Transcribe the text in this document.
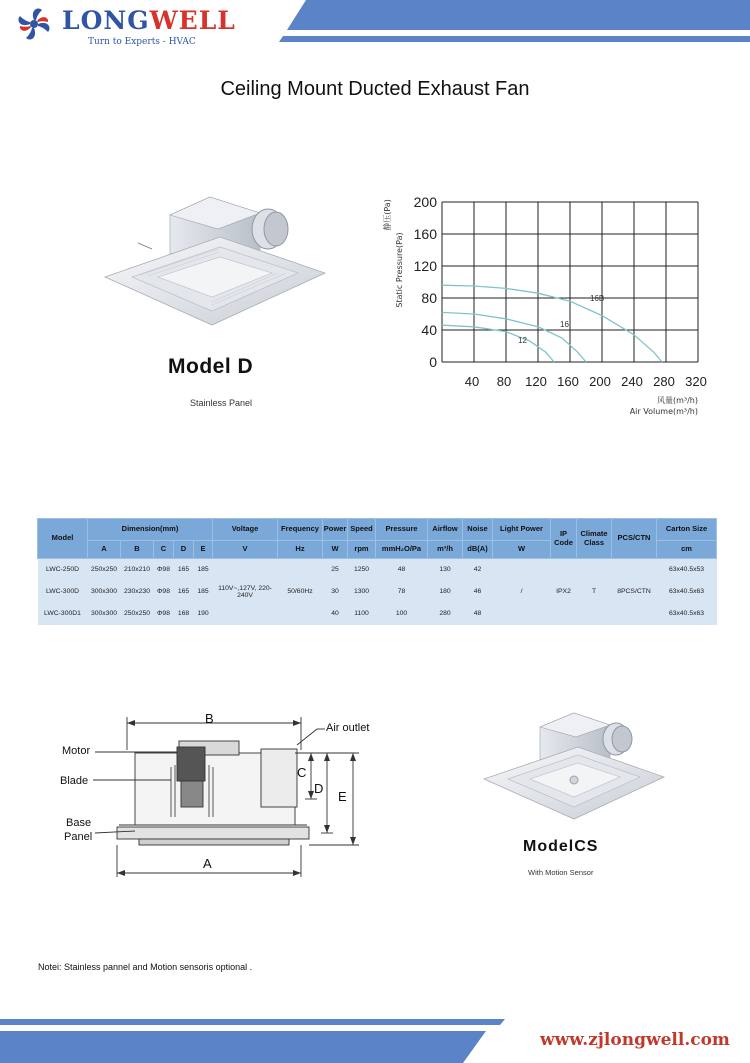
LONGWELL
Turn to Experts - HVAC
Ceiling Mount Ducted Exhaust Fan
Model D
Stainless Panel
0
40
80
120
160
200
40 80 120 160 200 240 280 320
12
16
16B
Static Pressure(Pa)
静压(Pa)
风量(m³/h)
Air Volume(m³/h)
Model	Dimension(mm)					Voltage	Frequency	Power	Speed	Pressure	Airflow	Noise	Light Power	IP Code	Climate Class	PCS/CTN	Carton Size
	A	B	C	D	E	V	Hz	W	rpm	mmH₂O/Pa	m³/h	dB(A)	W				cm
LWC-250D	250x250	210x210	Φ98	165	185	110V~,127V, 220-240V	50/60Hz	25	1250	48	130	42	/	IPX2	T	8PCS/CTN	63x40.5x53
LWC-300D	300x300	230x230	Φ98	165	185			30	1300	78	180	46					63x40.5x63
LWC-300D1	300x300	250x250	Φ98	168	190			40	1100	100	280	48					63x40.5x63
B
A
C
D
E
Motor
Blade
Base
Panel
Air outlet
ModelCS
With Motion Sensor
Notei: Stainless pannel and Motion sensoris optional .
www.zjlongwell.com
